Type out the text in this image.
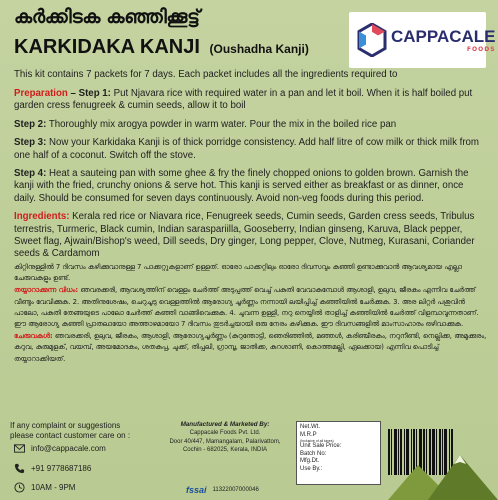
കർക്കിടക കഞ്ഞിക്കൂട്ട്
KARKIDAKA KANJI (Oushadha Kanji)
CAPPACALE
FOODS

This kit contains 7 packets for 7 days. Each packet includes all the ingredients required to

Preparation – Step 1: Put Njavara rice with required water in a pan and let it boil. When it is half boiled put garden cress fenugreek & cumin seeds, allow it to boil

Step 2: Thoroughly mix arogya powder in warm water. Pour the mix in the boiled rice pan

Step 3: Now your Karkidaka Kanji is of thick porridge consistency. Add half litre of cow milk or thick milk from one half of a coconut. Switch off the stove.

Step 4: Heat a sauteing pan with some ghee & fry the finely chopped onions to golden brown. Garnish the kanji with the fried, crunchy onions & serve hot. This kanji is served either as breakfast or as dinner, once daily. Should be consumed for seven days continuously. Avoid non-veg foods during this period.

Ingredients: Kerala red rice or Niavara rice, Fenugreek seeds, Cumin seeds, Garden cress seeds, Tribulus terrestris, Turmeric, Black cumin, Indian saraspariilla, Gooseberry, Indian ginseng, Karuva, Black pepper, Sweet flag, Ajwain/Bishop's weed, Dill seeds, Dry ginger, Long pepper, Clove, Nutmeg, Kurasani, Coriander seeds & Cardamom

കിറ്റിനുള്ളിൽ 7 ദിവസം കഴിക്കുവാനുള്ള 7 പാക്കറ്റുകളാണ് ഉള്ളത്. ഓരോ പാക്കറ്റിലും ഓരോ ദിവസവും കഞ്ഞി ഉണ്ടാക്കുവാൻ ആവശ്യമായ എല്ലാ ചേരുവകളും ഉണ്ട്.

തയ്യാറാക്കുന്ന വിധം: ഞവരക്കരി, ആവശ്യത്തിന് വെള്ളം ചേർത്ത് അടുപ്പത്ത് വെച്ച് പകുതി വേവാകുമ്പോൾ ആശാളി, ഉലുവ, ജീരകം എന്നിവ ചേർത്ത് വീണ്ടും വേവിക്കുക. 2. അതിനുശേഷം, ചെറുചൂടു വെള്ളത്തിൽ ആരോഗ്യ ചൂർണ്ണം നന്നായി ലയിപ്പിച്ച് കഞ്ഞിയിൽ ചേർക്കുക. 3. അര ലിറ്റർ പശുവിൻ പാലോ, പകുതി തേങ്ങയുടെ പാലോ ചേർത്ത് കഞ്ഞി വാങ്ങിവെക്കുക. 4. ചുവന്ന ഉള്ളി, നറു നെയ്യിൽ താളിച്ച് കഞ്ഞിയിൽ ചേർത്ത് വിളമ്പാവുന്നതാണ്. ഈ ആരോഗ്യ കഞ്ഞി പ്രാതലായോ അത്താഴമായോ 7 ദിവസം തുടർച്ചയായി ഒരു നേരം കഴിക്കുക. ഈ ദിവസങ്ങളിൽ മാംസാഹാരം ഒഴിവാക്കുക.

ചേരുവകൾ: ഞവരക്കരി, ഉലുവ, ജീരകം, ആശാളി, ആരോഗ്യചൂർണ്ണം (കുറുന്തോട്ടി, ഞെരിഞ്ഞിൽ, മഞ്ഞൾ, കരിഞ്ചീരകം, നറുനീണ്ടി, നെല്ലിക്ക, അമുക്കുരം, കറുവ, കുരുമുളക്, വയമ്പ്, അയമോദകം, ശതകുപ്പ, ചുക്ക്, തിപ്പലി, ഗ്രാമ്പൂ, ജാതിക്ക, കുറശാണി, കൊത്തമല്ലി, ഏലക്കായ) എന്നിവ പൊടിച്ച് തയ്യാറാക്കിയത്.

If any complaint or suggestions
please contact customer care on :
info@cappacale.com
+91 9778687186
10AM - 9PM
Manufactured & Marketed By:
Cappacale Foods Pvt. Ltd.
Door 40/447, Mamangalam, Palarivattom,
Cochin - 682025, Kerala, INDIA
fssai 11322007000046
Net.Wt.
M.R.P
(Inclusive of all taxes)
Unit Sale Price:
Batch No:
Mfg.Dt.
Use By.:
